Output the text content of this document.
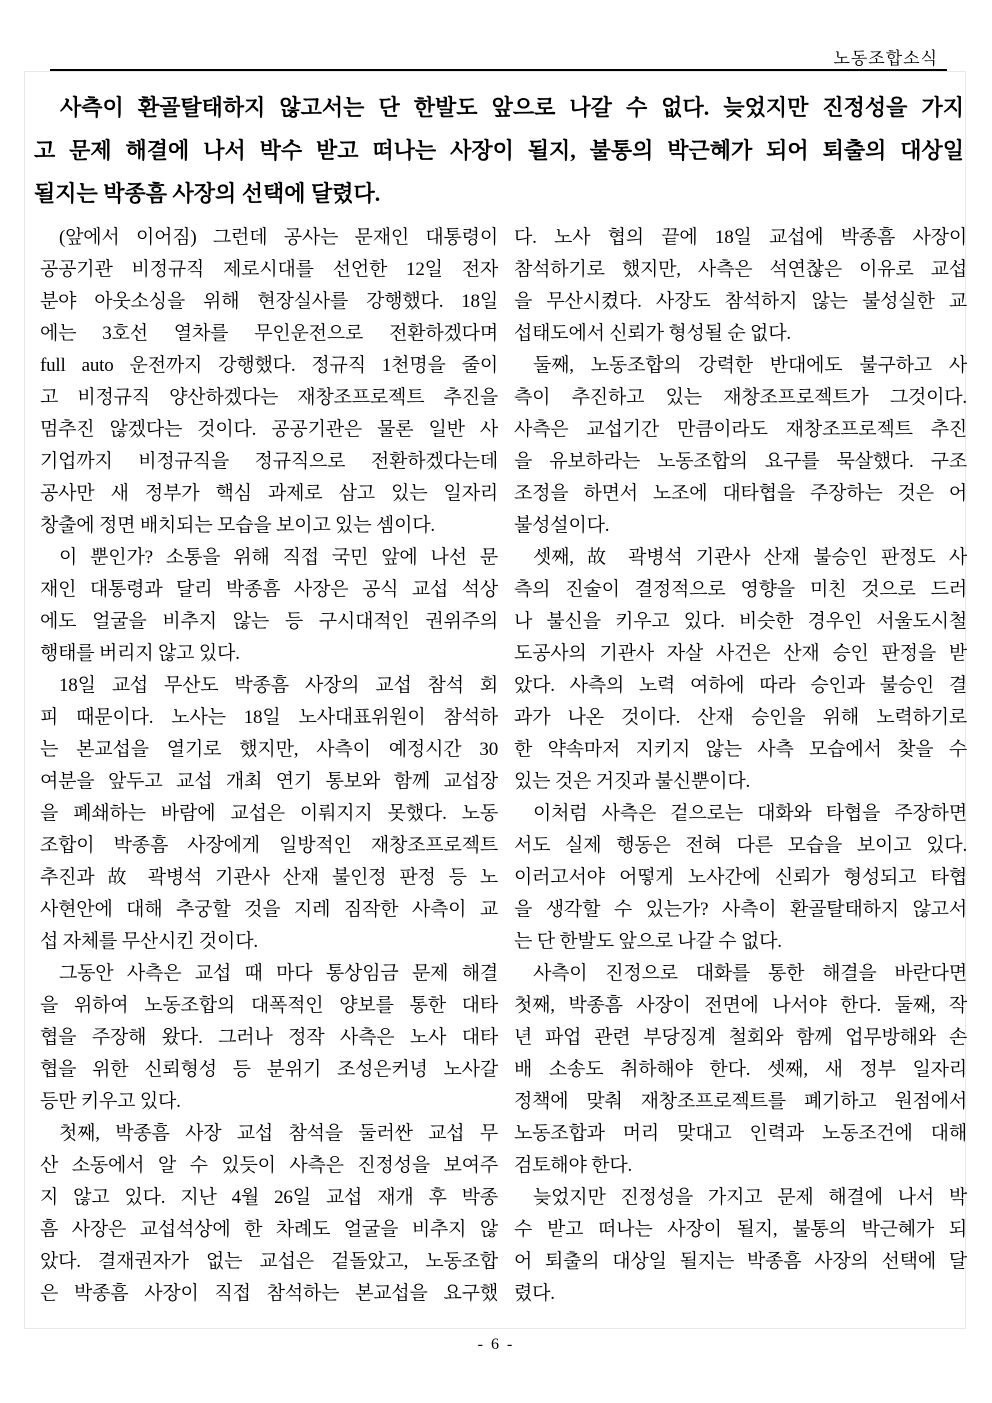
노동조합소식
사측이 환골탈태하지 않고서는 단 한발도 앞으로 나갈 수 없다. 늦었지만 진정성을 가지
고 문제 해결에 나서 박수 받고 떠나는 사장이 될지, 불통의 박근혜가 되어 퇴출의 대상일
될지는 박종흠 사장의 선택에 달렸다.
(앞에서 이어짐) 그런데 공사는 문재인 대통령이
공공기관 비정규직 제로시대를 선언한 12일 전자
분야 아웃소싱을 위해 현장실사를 강행했다. 18일
에는 3호선 열차를 무인운전으로 전환하겠다며
full auto 운전까지 강행했다. 정규직 1천명을 줄이
고 비정규직 양산하겠다는 재창조프로젝트 추진을
멈추진 않겠다는 것이다. 공공기관은 물론 일반 사
기업까지 비정규직을 정규직으로 전환하겠다는데
공사만 새 정부가 핵심 과제로 삼고 있는 일자리
창출에 정면 배치되는 모습을 보이고 있는 셈이다.
이 뿐인가? 소통을 위해 직접 국민 앞에 나선 문
재인 대통령과 달리 박종흠 사장은 공식 교섭 석상
에도 얼굴을 비추지 않는 등 구시대적인 권위주의
행태를 버리지 않고 있다.
18일 교섭 무산도 박종흠 사장의 교섭 참석 회
피 때문이다. 노사는 18일 노사대표위원이 참석하
는 본교섭을 열기로 했지만, 사측이 예정시간 30
여분을 앞두고 교섭 개최 연기 통보와 함께 교섭장
을 폐쇄하는 바람에 교섭은 이뤄지지 못했다. 노동
조합이 박종흠 사장에게 일방적인 재창조프로젝트
추진과 故 곽병석 기관사 산재 불인정 판정 등 노
사현안에 대해 추궁할 것을 지레 짐작한 사측이 교
섭 자체를 무산시킨 것이다.
그동안 사측은 교섭 때 마다 통상임금 문제 해결
을 위하여 노동조합의 대폭적인 양보를 통한 대타
협을 주장해 왔다. 그러나 정작 사측은 노사 대타
협을 위한 신뢰형성 등 분위기 조성은커녕 노사갈
등만 키우고 있다.
첫째, 박종흠 사장 교섭 참석을 둘러싼 교섭 무
산 소동에서 알 수 있듯이 사측은 진정성을 보여주
지 않고 있다. 지난 4월 26일 교섭 재개 후 박종
흠 사장은 교섭석상에 한 차례도 얼굴을 비추지 않
았다. 결재권자가 없는 교섭은 겉돌았고, 노동조합
은 박종흠 사장이 직접 참석하는 본교섭을 요구했
다. 노사 협의 끝에 18일 교섭에 박종흠 사장이
참석하기로 했지만, 사측은 석연찮은 이유로 교섭
을 무산시켰다. 사장도 참석하지 않는 불성실한 교
섭태도에서 신뢰가 형성될 순 없다.
둘째, 노동조합의 강력한 반대에도 불구하고 사
측이 추진하고 있는 재창조프로젝트가 그것이다.
사측은 교섭기간 만큼이라도 재창조프로젝트 추진
을 유보하라는 노동조합의 요구를 묵살했다. 구조
조정을 하면서 노조에 대타협을 주장하는 것은 어
불성설이다.
셋째, 故 곽병석 기관사 산재 불승인 판정도 사
측의 진술이 결정적으로 영향을 미친 것으로 드러
나 불신을 키우고 있다. 비슷한 경우인 서울도시철
도공사의 기관사 자살 사건은 산재 승인 판정을 받
았다. 사측의 노력 여하에 따라 승인과 불승인 결
과가 나온 것이다. 산재 승인을 위해 노력하기로
한 약속마저 지키지 않는 사측 모습에서 찾을 수
있는 것은 거짓과 불신뿐이다.
이처럼 사측은 겉으로는 대화와 타협을 주장하면
서도 실제 행동은 전혀 다른 모습을 보이고 있다.
이러고서야 어떻게 노사간에 신뢰가 형성되고 타협
을 생각할 수 있는가? 사측이 환골탈태하지 않고서
는 단 한발도 앞으로 나갈 수 없다.
사측이 진정으로 대화를 통한 해결을 바란다면
첫째, 박종흠 사장이 전면에 나서야 한다. 둘째, 작
년 파업 관련 부당징계 철회와 함께 업무방해와 손
배 소송도 취하해야 한다. 셋째, 새 정부 일자리
정책에 맞춰 재창조프로젝트를 폐기하고 원점에서
노동조합과 머리 맞대고 인력과 노동조건에 대해
검토해야 한다.
늦었지만 진정성을 가지고 문제 해결에 나서 박
수 받고 떠나는 사장이 될지, 불통의 박근혜가 되
어 퇴출의 대상일 될지는 박종흠 사장의 선택에 달
렸다.
- 6 -
